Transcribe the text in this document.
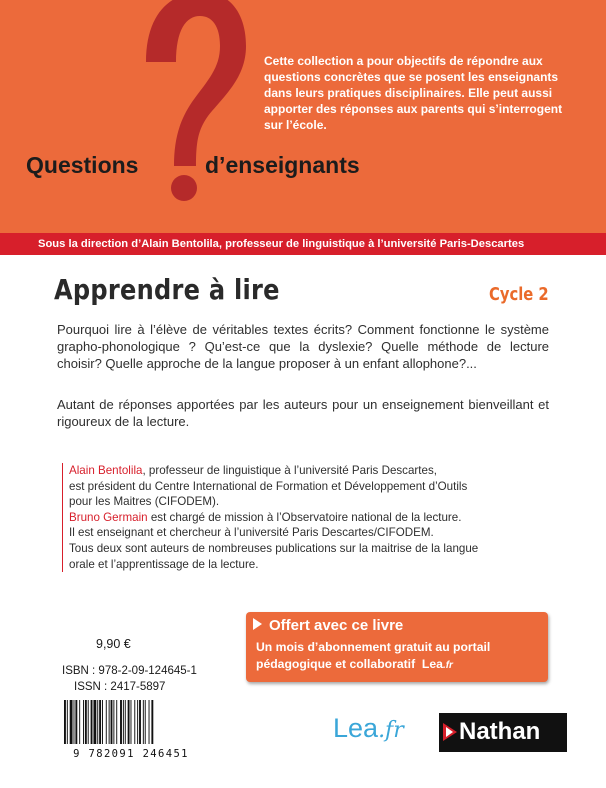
Questions	d’enseignants
Cette collection a pour objectifs de répondre aux questions concrètes que se posent les enseignants dans leurs pratiques disciplinaires. Elle peut aussi apporter des réponses aux parents qui s’interrogent sur l’école.
Sous la direction d’Alain Bentolila, professeur de linguistique à l’université Paris-Descartes
Apprendre à lire	Cycle 2
Pourquoi lire à l’élève de véritables textes écrits? Comment fonctionne le système grapho-phonologique ? Qu’est-ce que la dyslexie? Quelle méthode de lecture choisir? Quelle approche de la langue proposer à un enfant allophone?...
Autant de réponses apportées par les auteurs pour un enseignement bienveillant et rigoureux de la lecture.
Alain Bentolila, professeur de linguistique à l’université Paris Descartes,
est président du Centre International de Formation et Développement d’Outils
pour les Maitres (CIFODEM).
Bruno Germain est chargé de mission à l’Observatoire national de la lecture.
Il est enseignant et chercheur à l’université Paris Descartes/CIFODEM.
Tous deux sont auteurs de nombreuses publications sur la maitrise de la langue
orale et l’apprentissage de la lecture.
Offert avec ce livre
Un mois d’abonnement gratuit au portail pédagogique et collaboratif Lea.fr
9,90 €
ISBN : 978-2-09-124645-1
ISSN : 2417-5897
9 782091 246451
Lea.fr Nathan
